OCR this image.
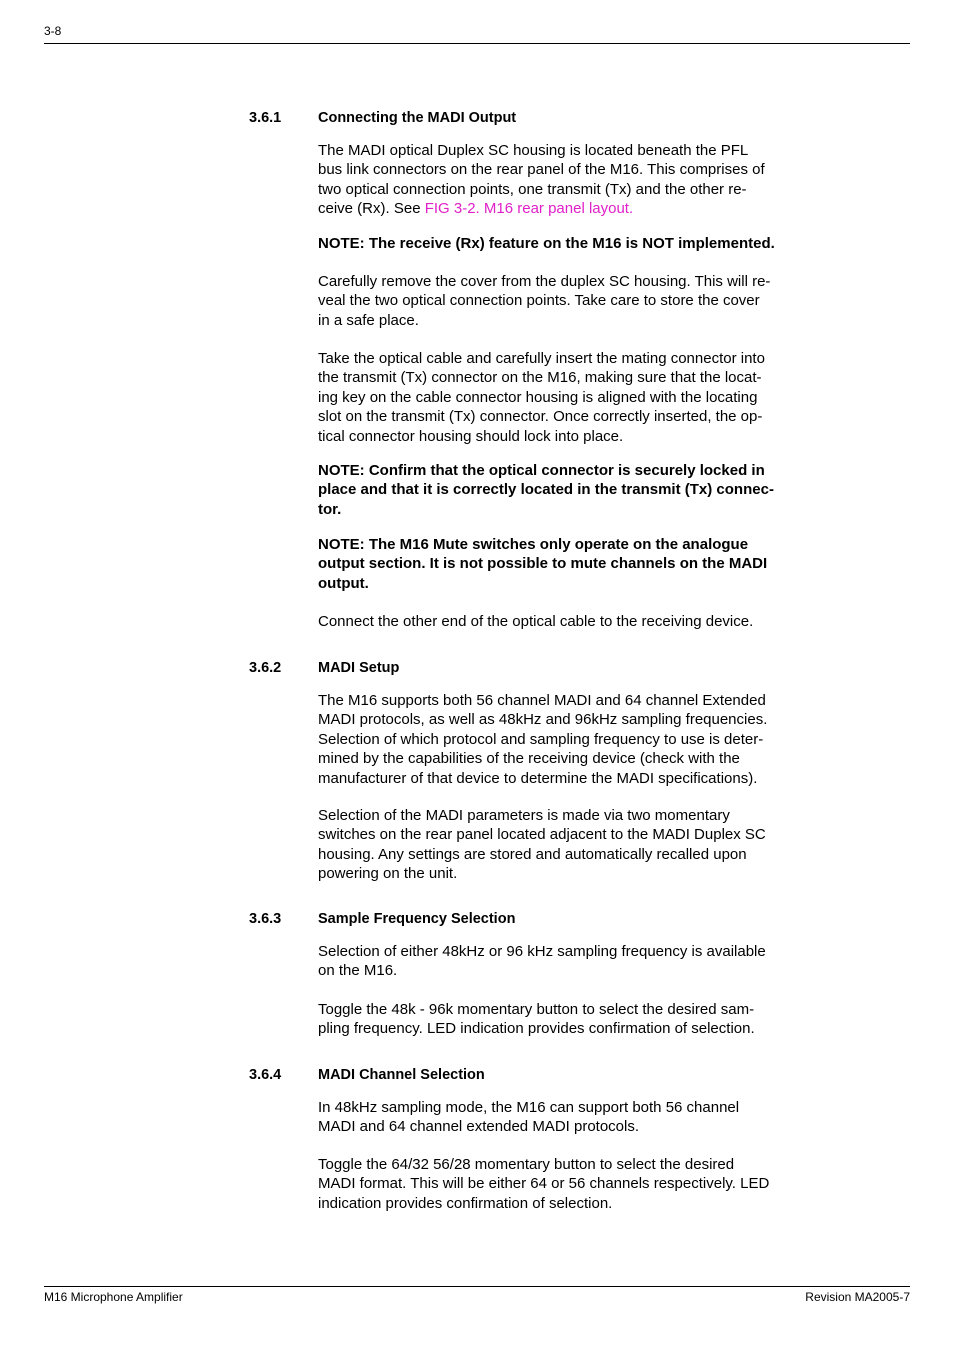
3-8
3.6.1	Connecting the MADI Output

The MADI optical Duplex SC housing is located beneath the PFL
bus link connectors on the rear panel of the M16. This comprises of
two optical connection points, one transmit (Tx) and the other re-
ceive (Rx). See FIG 3-2. M16 rear panel layout.

NOTE: The receive (Rx) feature on the M16 is NOT implemented.

Carefully remove the cover from the duplex SC housing. This will re-
veal the two optical connection points. Take care to store the cover
in a safe place.

Take the optical cable and carefully insert the mating connector into
the transmit (Tx) connector on the M16, making sure that the locat-
ing key on the cable connector housing is aligned with the locating
slot on the transmit (Tx) connector. Once correctly inserted, the op-
tical connector housing should lock into place.

NOTE: Confirm that the optical connector is securely locked in
place and that it is correctly located in the transmit (Tx) connec-
tor.

NOTE: The M16 Mute switches only operate on the analogue
output section. It is not possible to mute channels on the MADI
output.

Connect the other end of the optical cable to the receiving device.

3.6.2	MADI Setup

The M16 supports both 56 channel MADI and 64 channel Extended
MADI protocols, as well as 48kHz and 96kHz sampling frequencies.
Selection of which protocol and sampling frequency to use is deter-
mined by the capabilities of the receiving device (check with the
manufacturer of that device to determine the MADI specifications).

Selection of the MADI parameters is made via two momentary
switches on the rear panel located adjacent to the MADI Duplex SC
housing. Any settings are stored and automatically recalled upon
powering on the unit.

3.6.3	Sample Frequency Selection

Selection of either 48kHz or 96 kHz sampling frequency is available
on the M16.

Toggle the 48k - 96k momentary button to select the desired sam-
pling frequency. LED indication provides confirmation of selection.

3.6.4	MADI Channel Selection

In 48kHz sampling mode, the M16 can support both 56 channel
MADI and 64 channel extended MADI protocols.

Toggle the 64/32 56/28 momentary button to select the desired
MADI format. This will be either 64 or 56 channels respectively. LED
indication provides confirmation of selection.

M16 Microphone Amplifier	Revision MA2005-7
